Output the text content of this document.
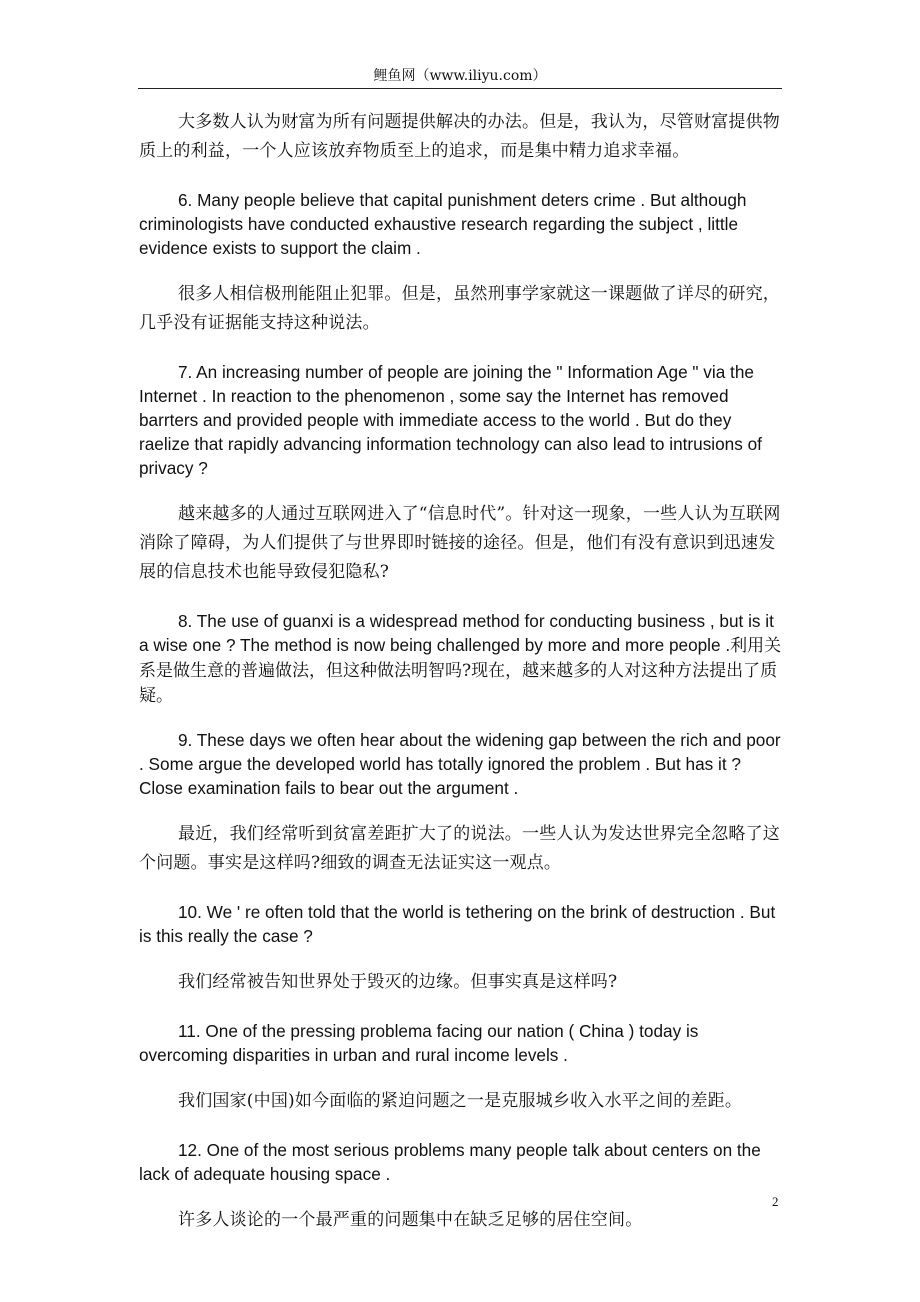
鲤鱼网（www.iliyu.com）

大多数人认为财富为所有问题提供解决的办法。但是，我认为，尽管财富提供物质上的利益，一个人应该放弃物质至上的追求，而是集中精力追求幸福。

6. Many people believe that capital punishment deters crime . But although criminologists have conducted exhaustive research regarding the subject , little evidence exists to support the claim .

很多人相信极刑能阻止犯罪。但是，虽然刑事学家就这一课题做了详尽的研究，几乎没有证据能支持这种说法。

7. An increasing number of people are joining the " Information Age " via the Internet . In reaction to the phenomenon , some say the Internet has removed barrters and provided people with immediate access to the world . But do they raelize that rapidly advancing information technology can also lead to intrusions of privacy ?

越来越多的人通过互联网进入了“信息时代”。针对这一现象，一些人认为互联网消除了障碍，为人们提供了与世界即时链接的途径。但是，他们有没有意识到迅速发展的信息技术也能导致侵犯隐私?

8. The use of guanxi is a widespread method for conducting business , but is it a wise one ? The method is now being challenged by more and more people .利用关系是做生意的普遍做法，但这种做法明智吗?现在，越来越多的人对这种方法提出了质疑。

9. These days we often hear about the widening gap between the rich and poor . Some argue the developed world has totally ignored the problem . But has it ? Close examination fails to bear out the argument .

最近，我们经常听到贫富差距扩大了的说法。一些人认为发达世界完全忽略了这个问题。事实是这样吗?细致的调查无法证实这一观点。

10. We ' re often told that the world is tethering on the brink of destruction . But is this really the case ?

我们经常被告知世界处于毁灭的边缘。但事实真是这样吗?

11. One of the pressing problema facing our nation ( China ) today is overcoming disparities in urban and rural income levels .

我们国家(中国)如今面临的紧迫问题之一是克服城乡收入水平之间的差距。

12. One of the most serious problems many people talk about centers on the lack of adequate housing space .

许多人谈论的一个最严重的问题集中在缺乏足够的居住空间。

2
